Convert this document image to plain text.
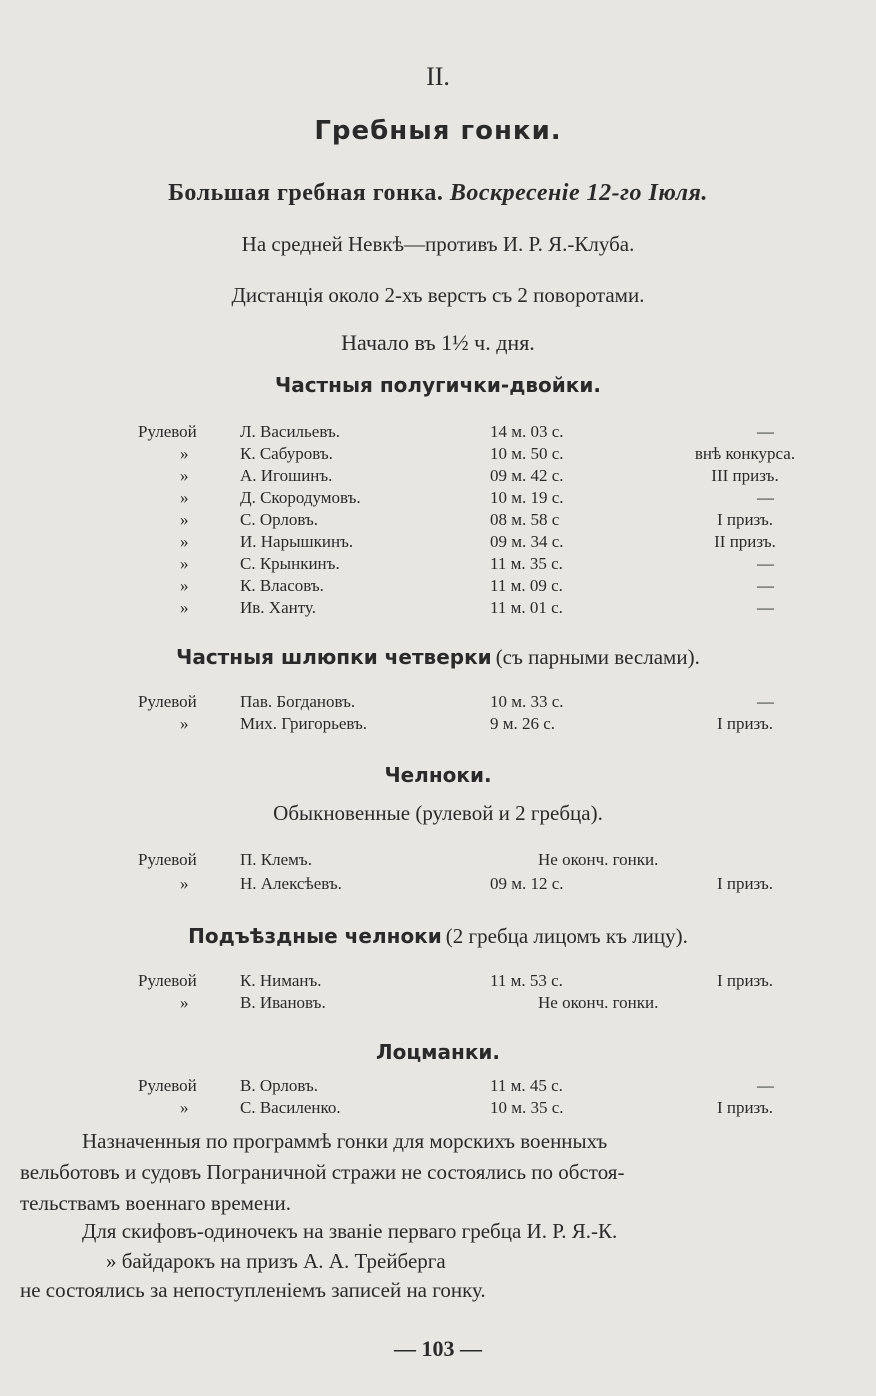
II.
Гребныя гонки.
Большая гребная гонка. Воскресеніе 12-го Іюля.
На средней Невкѣ—противъ И. Р. Я.-Клуба.
Дистанція около 2-хъ верстъ съ 2 поворотами.
Начало въ 1½ ч. дня.
Частныя полугички-двойки.
Рулевой	Л. Васильевъ.	14 м. 03 с.	—
»	К. Сабуровъ.	10 м. 50 с.	внѣ конкурса.
»	А. Игошинъ.	09 м. 42 с.	III призъ.
»	Д. Скородумовъ.	10 м. 19 с.	—
»	С. Орловъ.	08 м. 58 с	I призъ.
»	И. Нарышкинъ.	09 м. 34 с.	II призъ.
»	С. Крынкинъ.	11 м. 35 с.	—
»	К. Власовъ.	11 м. 09 с.	—
»	Ив. Ханту.	11 м. 01 с.	—
Частныя шлюпки четверки (съ парными веслами).
Рулевой	Пав. Богдановъ.	10 м. 33 с.	—
»	Мих. Григорьевъ.	9 м. 26 с.	I призъ.
Челноки.
Обыкновенные (рулевой и 2 гребца).
Рулевой	П. Клемъ.	Не оконч. гонки.
»	Н. Алексѣевъ.	09 м. 12 с.	I призъ.
Подъѣздные челноки (2 гребца лицомъ къ лицу).
Рулевой	К. Ниманъ.	11 м. 53 с.	I призъ.
»	В. Ивановъ.	Не оконч. гонки.
Лоцманки.
Рулевой	В. Орловъ.	11 м. 45 с.	—
»	С. Василенко.	10 м. 35 с.	I призъ.

Назначенныя по программѣ гонки для морскихъ военныхъ

вельботовъ и судовъ Пограничной стражи не состоялись по обстоя-

тельствамъ военнаго времени.

Для скифовъ-одиночекъ на званіе перваго гребца И. Р. Я.-К.

» байдарокъ на призъ А. А. Трейберга

не состоялись за непоступленіемъ записей на гонку.

— 103 —
